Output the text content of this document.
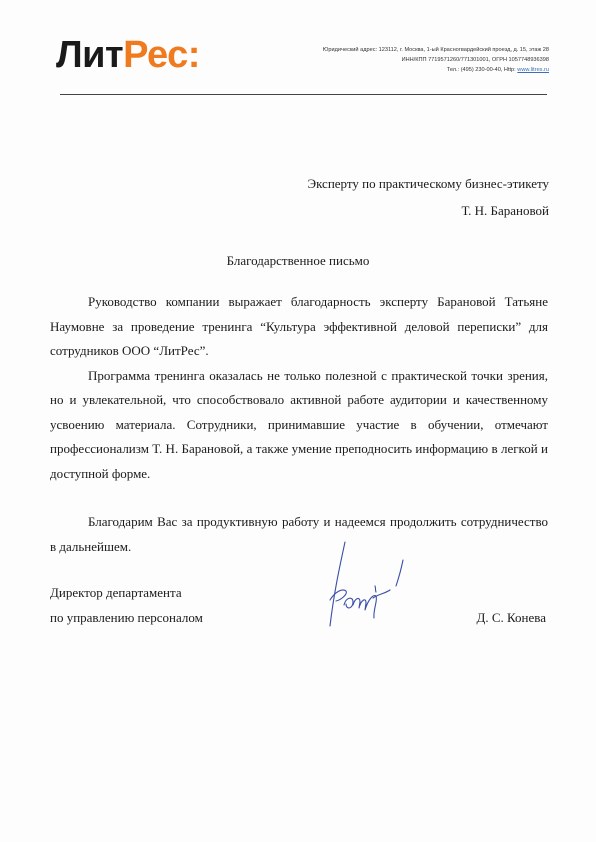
ЛитРес:	Юридический адрес: 123112, г. Москва, 1-ый Красногвардейский проезд, д. 15, этаж 28
ИНН/КПП 7719571260/771301001, ОГРН 1057748936398
Тел.: (495) 230-00-40, Http: www.litres.ru
Эксперту по практическому бизнес-этикету
Т. Н. Барановой
Благодарственное письмо

Руководство компании выражает благодарность эксперту Барановой Татьяне Наумовне за проведение тренинга “Культура эффективной деловой переписки” для сотрудников ООО “ЛитРес”.

Программа тренинга оказалась не только полезной с практической точки зрения, но и увлекательной, что способствовало активной работе аудитории и качественному усвоению материала. Сотрудники, принимавшие участие в обучении, отмечают профессионализм Т. Н. Барановой, а также умение преподносить информацию в легкой и доступной форме.

Благодарим Вас за продуктивную работу и надеемся продолжить сотрудничество в дальнейшем.

Директор департамента
по управлению персоналом	Д. С. Конева
